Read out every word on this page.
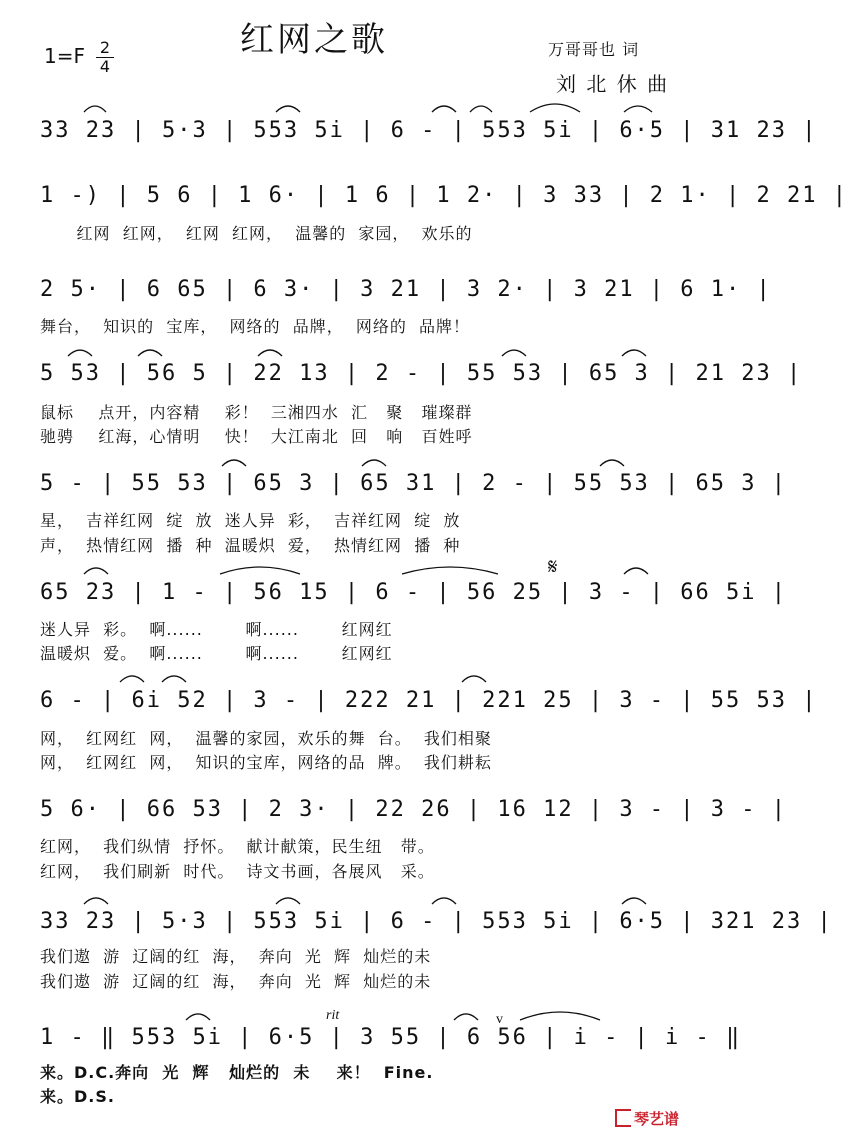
红网之歌
1=F 2
4
万哥哥也 词
刘 北 休 曲
33 23 | 5·3 | 553 5i | 6 - | 553 5i | 6·5 | 31 23 |
1 -) | 5 6 | 1 6· | 1 6 | 1 2· | 3 33 | 2 1· | 2 21 |
红网  红网，  红网  红网，  温馨的  家园，  欢乐的
2 5· | 6 65 | 6 3· | 3 21 | 3 2· | 3 21 | 6 1· |
舞台，  知识的  宝库，  网络的  品牌，  网络的  品牌！
5 53 | 56 5 | 22 13 | 2 - | 55 53 | 65 3 | 21 23 |
鼠标    点开，内容精    彩！  三湘四水  汇   聚   璀璨群
驰骋    红海，心情明    快！  大江南北  回   响   百姓呼
5 - | 55 53 | 65 3 | 65 31 | 2 - | 55 53 | 65 3 |
星，  吉祥红网  绽  放  迷人异  彩，  吉祥红网  绽  放
声，  热情红网  播  种  温暖炽  爱，  热情红网  播  种
65 23 | 1 - | 56 15 | 6 - | 56 25 | 3 - | 66 5i |
迷人异  彩。  啊......       啊......       红网红
温暖炽  爱。  啊......       啊......       红网红
𝄋
6 - | 6i 52 | 3 - | 222 21 | 221 25 | 3 - | 55 53 |
网，  红网红  网，  温馨的家园，欢乐的舞  台。  我们相聚
网，  红网红  网，  知识的宝库，网络的品  牌。  我们耕耘
5 6· | 66 53 | 2 3· | 22 26 | 16 12 | 3 - | 3 - |
红网，  我们纵情  抒怀。  献计献策，民生纽   带。
红网，  我们刷新  时代。  诗文书画，各展风   采。
33 23 | 5·3 | 553 5i | 6 - | 553 5i | 6·5 | 321 23 |
我们遨  游  辽阔的红  海，  奔向  光  辉  灿烂的未
我们遨  游  辽阔的红  海，  奔向  光  辉  灿烂的未
rit	v
1 - ‖ 553 5i | 6·5 | 3 55 | 6 56 | i - | i - ‖
来。D.C.奔向  光  辉   灿烂的  未    来！  Fine.
来。D.S.
琴艺谱
